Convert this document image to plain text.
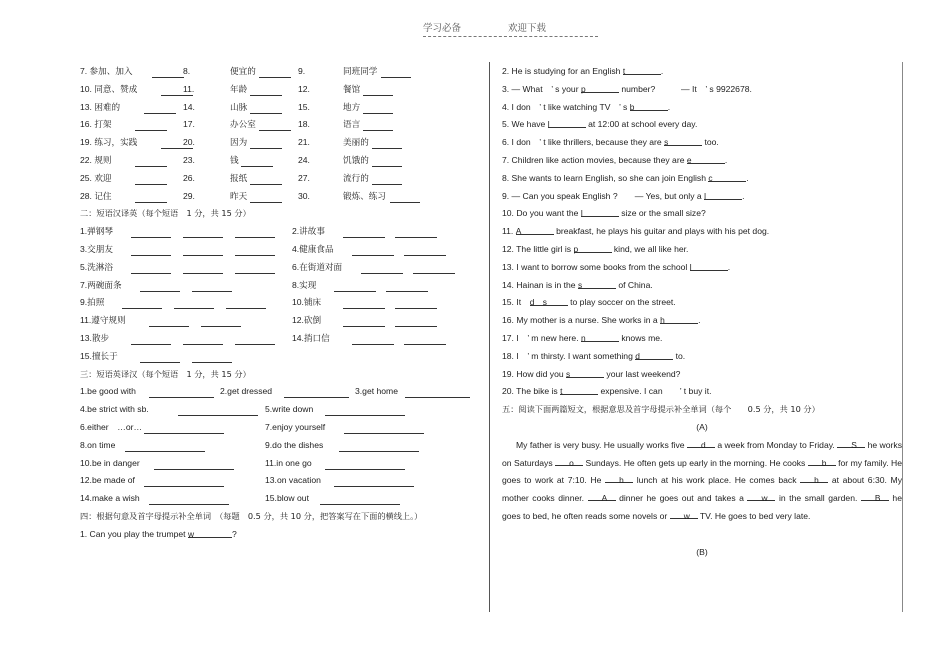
学习必备	欢迎下载
7. 参加、加入	8.	便宜的	9.	同班同学
10. 同意、赞成	11.	年龄	12.	餐馆
13. 困难的	14.	山脉	15.	地方
16. 打架	17.	办公室	18.	语言
19. 练习，实践	20.	因为	21.	美丽的
22. 规则	23.	钱	24.	饥饿的
25. 欢迎	26.	报纸	27.	流行的
28. 记住	29.	昨天	30.	锻炼、练习
二：短语汉译英（每个短语　1 分，共 15 分）
1.弹钢琴	2.讲故事
3.交朋友	4.健康食品
5.洗淋浴	6.在街道对面
7.两碗面条	8.实现
9.拍照	10.铺床
11.遵守规则	12.砍倒
13.散步	14.捎口信
15.擅长于
三：短语英译汉（每个短语　1 分，共 15 分）
1.be good with	2.get dressed	3.get home
4.be strict with sb.	5.write down
6.either　…or…	7.enjoy yourself
8.on time	9.do the dishes
10.be in danger	11.in one go
12.be made of	13.on vacation
14.make a wish	15.blow out
四：根据句意及首字母提示补全单词　（每题　0.5 分，共 10 分，把答案写在下面的横线上。）
1. Can you play the trumpet w	?
2. He is studying for an English t	.
3. — What　’ s your p	number?　　　— It　’ s 9922678.
4. I don　’ t like watching TV　’ s b	.
5. We have l	at 12:00 at school every day.
6. I don　’ t like thrillers, because they are s	too.
7. Children like action movies, because they are e	.
8. She wants to learn English, so she can join English c	.
9. — Can you speak English ?　　— Yes, but only a l	.
10. Do you want the l	size or the small size?
11. A	breakfast, he plays his guitar and plays with his pet dog.
12. The little girl is p	kind, we all like her.
13. I want to borrow some books from the school l	.
14. Hainan is in the s	of China.
15. It　d　s to play soccer on the street.
16. My mother is a nurse. She works in a h	.
17. I　’ m new here. n	knows me.
18. I　’ m thirsty. I want something d	to.
19. How did you s	your last weekend?
20. The bike is t	expensive. I can　　’ t buy it.
五：阅读下面两篇短文，根据意思及首字母提示补全单词（每个　　0.5 分，共 10 分）
(A)
My father is very busy. He usually works five d a week from Monday to Friday. S he works on Saturdays o Sundays. He often gets up early in the morning. He cooks b for my family. He goes to work at 7:10. He h lunch at his work place. He comes back h at about 6:30. My mother cooks dinner. A dinner he goes out and takes a w in the small garden. B he goes to bed, he often reads some novels or w TV. He goes to bed very late.
(B)
